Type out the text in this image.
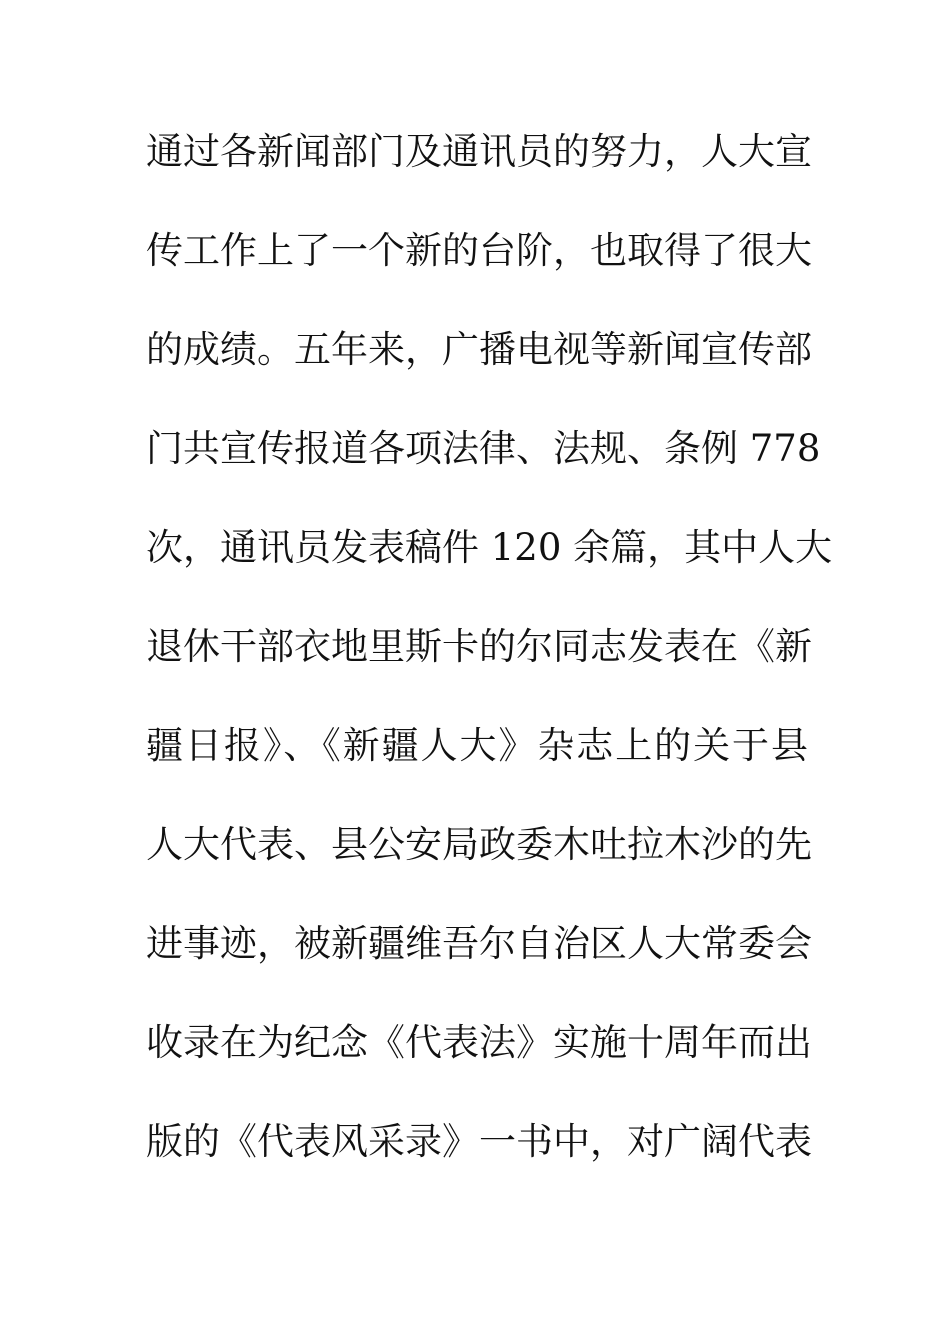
通过各新闻部门及通讯员的努力，人大宣
传工作上了一个新的台阶，也取得了很大
的成绩。五年来，广播电视等新闻宣传部
门共宣传报道各项法律、法规、条例 778
次，通讯员发表稿件 120 余篇，其中人大
退休干部衣地里斯卡的尔同志发表在《新
疆日报》、《新疆人大》杂志上的关于县
人大代表、县公安局政委木吐拉木沙的先
进事迹，被新疆维吾尔自治区人大常委会
收录在为纪念《代表法》实施十周年而出
版的《代表风采录》一书中，对广阔代表
